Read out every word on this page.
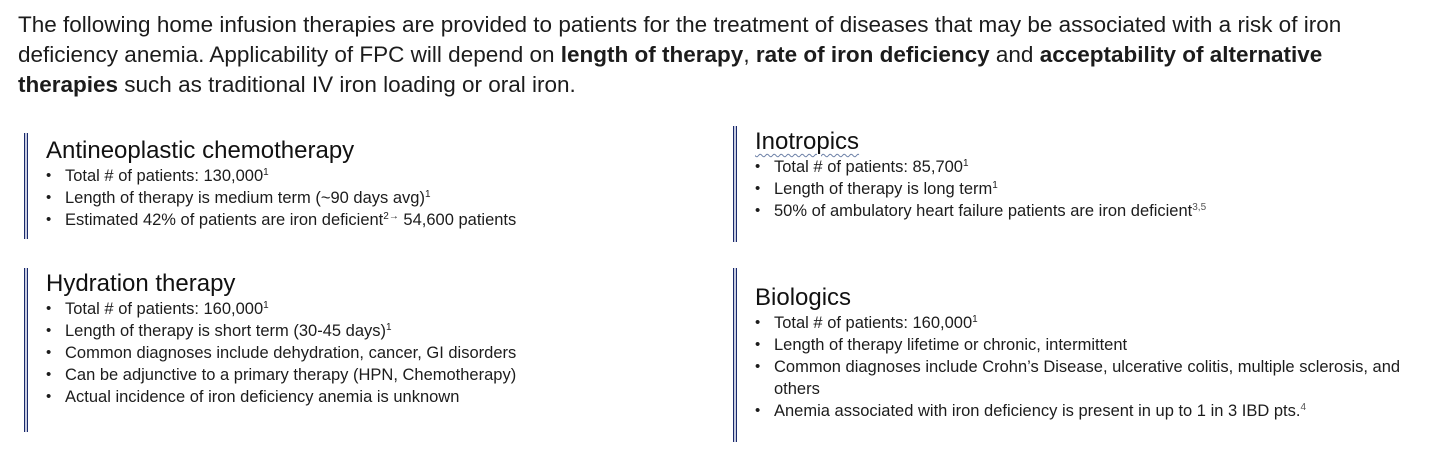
The following home infusion therapies are provided to patients for the treatment of diseases that may be associated with a risk of iron deficiency anemia. Applicability of FPC will depend on length of therapy, rate of iron deficiency and acceptability of alternative therapies such as traditional IV iron loading or oral iron.

Antineoplastic chemotherapy
• Total # of patients: 130,000$^1$
• Length of therapy is medium term (~90 days avg)$^1$
• Estimated 42% of patients are iron deficient$^{2\to}$ 54,600 patients
Inotropics
• Total # of patients: 85,700$^1$
• Length of therapy is long term$^1$
• 50% of ambulatory heart failure patients are iron deficient$^{3,5}$
Hydration therapy
• Total # of patients: 160,000$^1$
• Length of therapy is short term (30-45 days)$^1$
• Common diagnoses include dehydration, cancer, GI disorders
• Can be adjunctive to a primary therapy (HPN, Chemotherapy)
• Actual incidence of iron deficiency anemia is unknown
Biologics
• Total # of patients: 160,000$^1$
• Length of therapy lifetime or chronic, intermittent
• Common diagnoses include Crohn’s Disease, ulcerative colitis, multiple sclerosis, and others
• Anemia associated with iron deficiency is present in up to 1 in 3 IBD pts.$^4$
